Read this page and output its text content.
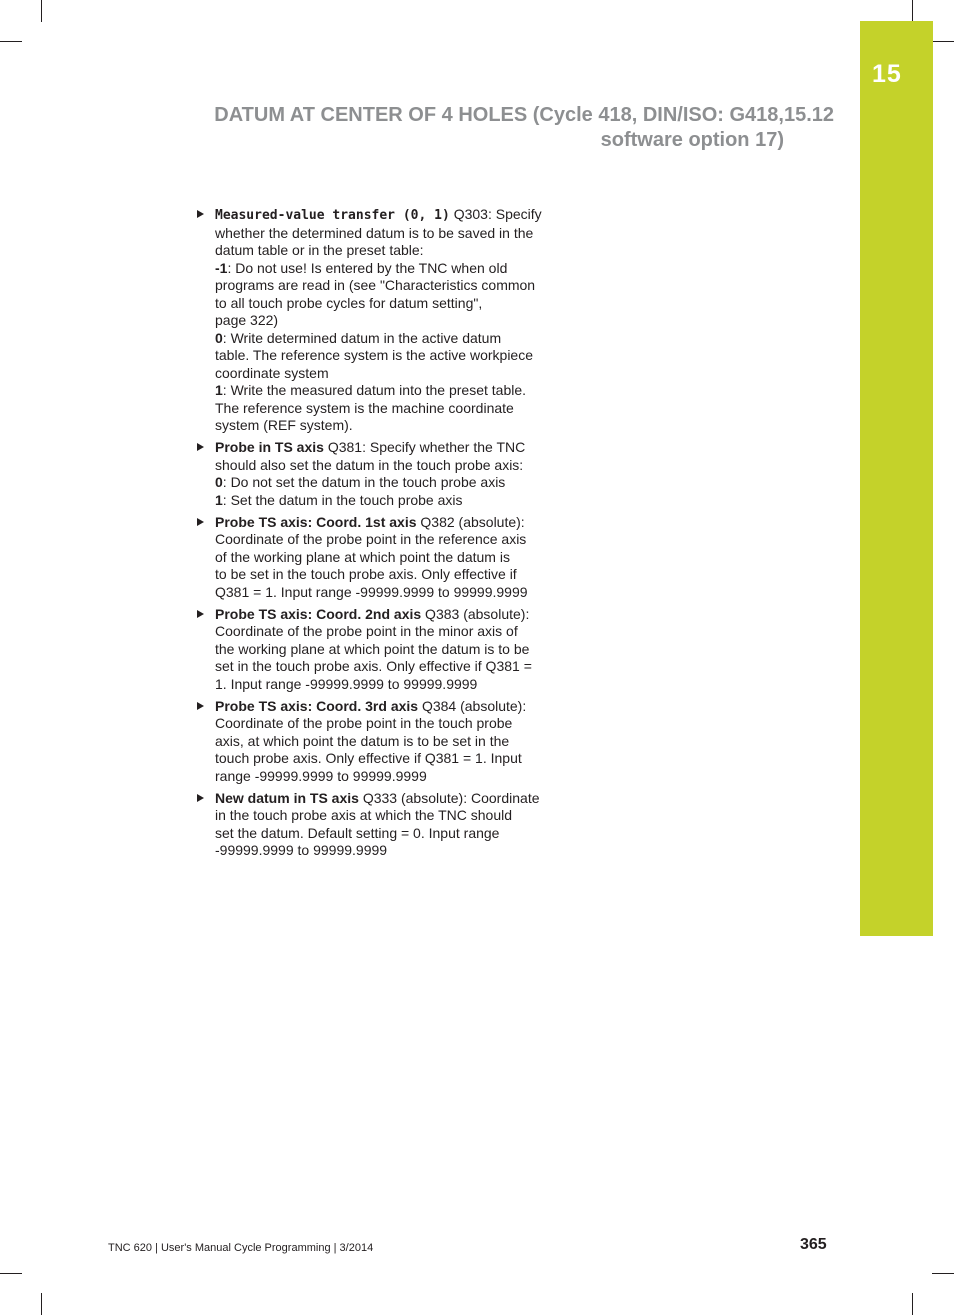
15
DATUM AT CENTER OF 4 HOLES (Cycle 418, DIN/ISO: G418,
software option 17)
15.12
Measured-value transfer (0, 1) Q303: Specify
whether the determined datum is to be saved in the
datum table or in the preset table:
-1: Do not use! Is entered by the TNC when old
programs are read in (see "Characteristics common
to all touch probe cycles for datum setting",
page 322)
0: Write determined datum in the active datum
table. The reference system is the active workpiece
coordinate system
1: Write the measured datum into the preset table.
The reference system is the machine coordinate
system (REF system).
Probe in TS axis Q381: Specify whether the TNC
should also set the datum in the touch probe axis:
0: Do not set the datum in the touch probe axis
1: Set the datum in the touch probe axis
Probe TS axis: Coord. 1st axis Q382 (absolute):
Coordinate of the probe point in the reference axis
of the working plane at which point the datum is
to be set in the touch probe axis. Only effective if
Q381 = 1. Input range -99999.9999 to 99999.9999
Probe TS axis: Coord. 2nd axis Q383 (absolute):
Coordinate of the probe point in the minor axis of
the working plane at which point the datum is to be
set in the touch probe axis. Only effective if Q381 =
1. Input range -99999.9999 to 99999.9999
Probe TS axis: Coord. 3rd axis Q384 (absolute):
Coordinate of the probe point in the touch probe
axis, at which point the datum is to be set in the
touch probe axis. Only effective if Q381 = 1. Input
range -99999.9999 to 99999.9999
New datum in TS axis Q333 (absolute): Coordinate
in the touch probe axis at which the TNC should
set the datum. Default setting = 0. Input range
-99999.9999 to 99999.9999
TNC 620 | User's Manual Cycle Programming | 3/2014	365
